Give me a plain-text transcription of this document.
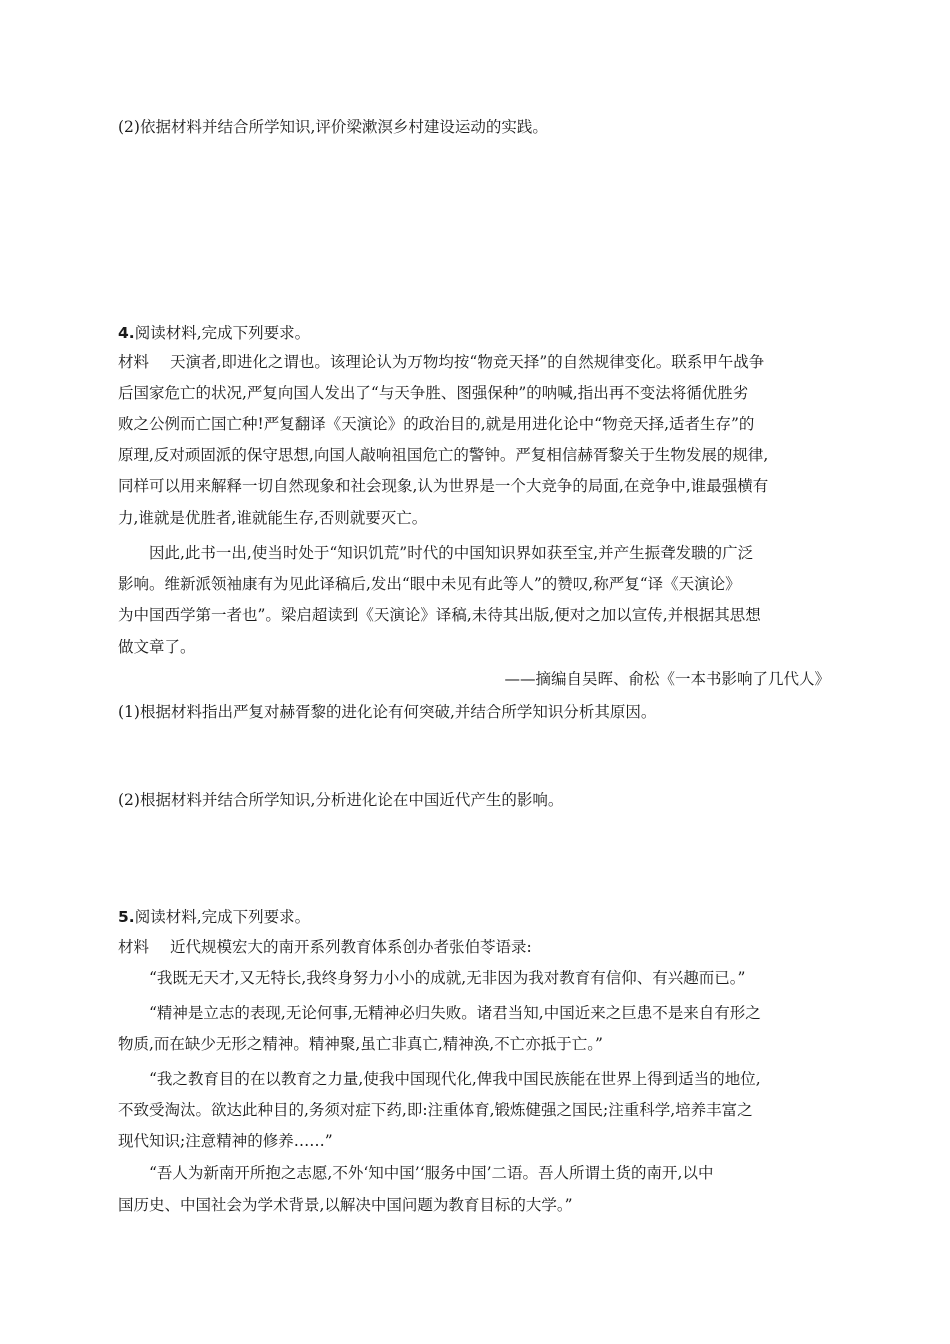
(2)依据材料并结合所学知识,评价梁漱溟乡村建设运动的实践。
4.阅读材料,完成下列要求。
材料 天演者,即进化之谓也。该理论认为万物均按“物竞天择”的自然规律变化。联系甲午战争
后国家危亡的状况,严复向国人发出了“与天争胜、图强保种”的呐喊,指出再不变法将循优胜劣
败之公例而亡国亡种!严复翻译《天演论》的政治目的,就是用进化论中“物竞天择,适者生存”的
原理,反对顽固派的保守思想,向国人敲响祖国危亡的警钟。严复相信赫胥黎关于生物发展的规律,
同样可以用来解释一切自然现象和社会现象,认为世界是一个大竞争的局面,在竞争中,谁最强横有
力,谁就是优胜者,谁就能生存,否则就要灭亡。
因此,此书一出,使当时处于“知识饥荒”时代的中国知识界如获至宝,并产生振聋发聩的广泛
影响。维新派领袖康有为见此译稿后,发出“眼中未见有此等人”的赞叹,称严复“译《天演论》
为中国西学第一者也”。梁启超读到《天演论》译稿,未待其出版,便对之加以宣传,并根据其思想
做文章了。
——摘编自吴晖、俞松《一本书影响了几代人》
(1)根据材料指出严复对赫胥黎的进化论有何突破,并结合所学知识分析其原因。
(2)根据材料并结合所学知识,分析进化论在中国近代产生的影响。
5.阅读材料,完成下列要求。
材料 近代规模宏大的南开系列教育体系创办者张伯苓语录:
“我既无天才,又无特长,我终身努力小小的成就,无非因为我对教育有信仰、有兴趣而已。”
“精神是立志的表现,无论何事,无精神必归失败。诸君当知,中国近来之巨患不是来自有形之
物质,而在缺少无形之精神。精神聚,虽亡非真亡,精神涣,不亡亦抵于亡。”
“我之教育目的在以教育之力量,使我中国现代化,俾我中国民族能在世界上得到适当的地位,
不致受淘汰。欲达此种目的,务须对症下药,即:注重体育,锻炼健强之国民;注重科学,培养丰富之
现代知识;注意精神的修养……”
“吾人为新南开所抱之志愿,不外‘知中国’‘服务中国’二语。吾人所谓土货的南开,以中
国历史、中国社会为学术背景,以解决中国问题为教育目标的大学。”
